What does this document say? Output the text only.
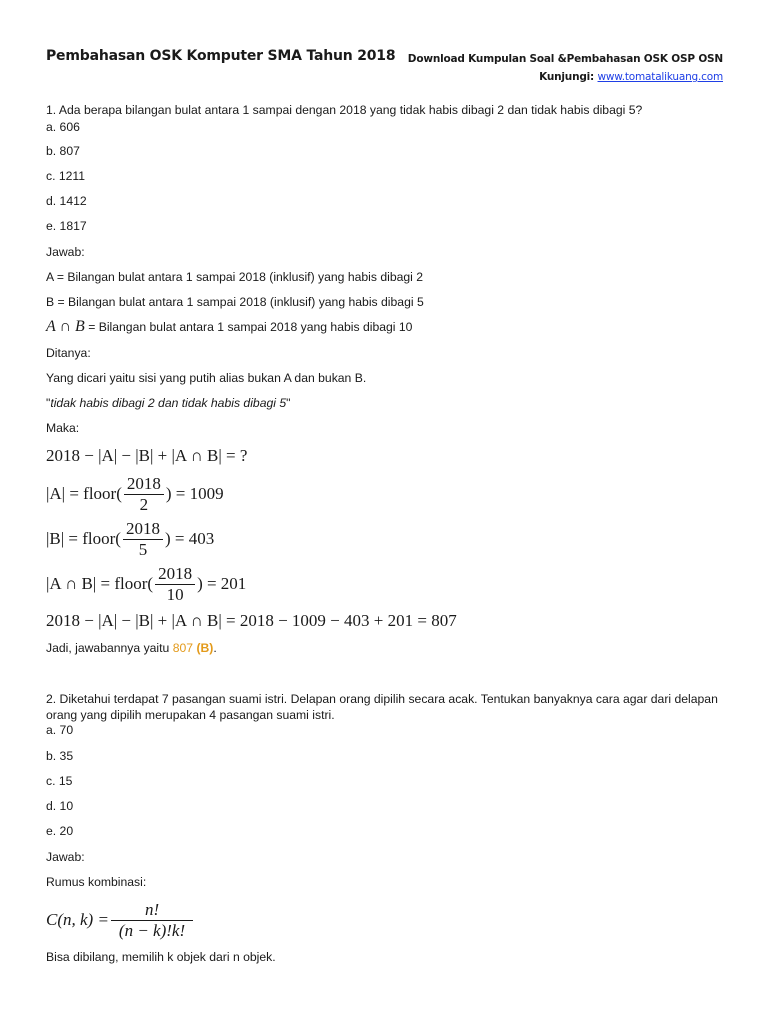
Pembahasan OSK Komputer SMA Tahun 2018 Download Kumpulan Soal &Pembahasan OSK OSP OSN
Kunjungi: www.tomatalikuang.com
1. Ada berapa bilangan bulat antara 1 sampai dengan 2018 yang tidak habis dibagi 2 dan tidak habis dibagi 5?
a. 606
b. 807
c. 1211
d. 1412
e. 1817
Jawab:
A = Bilangan bulat antara 1 sampai 2018 (inklusif) yang habis dibagi 2
B = Bilangan bulat antara 1 sampai 2018 (inklusif) yang habis dibagi 5
A ∩ B = Bilangan bulat antara 1 sampai 2018 yang habis dibagi 10
Ditanya:
Yang dicari yaitu sisi yang putih alias bukan A dan bukan B.
"tidak habis dibagi 2 dan tidak habis dibagi 5"
Maka:
2018 − |A| − |B| + |A ∩ B| = ?
|A| = floor( $\frac{2018}{2}$ ) = 1009
|B| = floor( $\frac{2018}{5}$ ) = 403
|A ∩ B| = floor( $\frac{2018}{10}$ ) = 201
2018 − |A| − |B| + |A ∩ B| = 2018 − 1009 − 403 + 201 = 807
Jadi, jawabannya yaitu 807 (B).
2. Diketahui terdapat 7 pasangan suami istri. Delapan orang dipilih secara acak. Tentukan banyaknya cara agar dari delapan orang yang dipilih merupakan 4 pasangan suami istri.
a. 70
b. 35
c. 15
d. 10
e. 20
Jawab:
Rumus kombinasi:
C(n, $k) = \frac{n!}{(n - k)!k!}$
Bisa dibilang, memilih k objek dari n objek.
